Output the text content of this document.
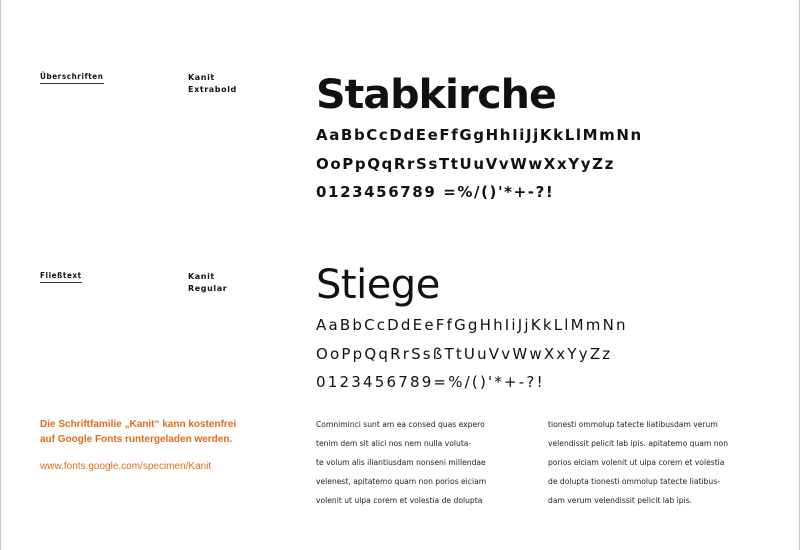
Überschriften	Kanit
Extrabold Stabkirche
AaBbCcDdEeFfGgHhIiJjKkLlMmNn
OoPpQqRrSsTtUuVvWwXxYyZz
0123456789 =%/()'*+-?!
Fließtext	Kanit
Regular Stiege
AaBbCcDdEeFfGgHhIiJjKkLlMmNn
OoPpQqRrSsßTtUuVvWwXxYyZz
0123456789=%/()'*+-?!
Die Schriftfamilie „Kanit“ kann kostenfrei
auf Google Fonts runtergeladen werden.
www.fonts.google.com/specimen/Kanit
Comniminci sunt am ea consed quas expero
tenim dem sit alici nos nem nulla voluta-
te volum alis iliantiusdam nonseni millendae
velenest, apitatemo quam non porios eiciam
volenit ut ulpa corem et volestia de dolupta
tionesti ommolup tatecte liatibusdam verum
velendissit pelicit lab ipis. apitatemo quam non
porios eiciam volenit ut ulpa corem et volestia
de dolupta tionesti ommolup tatecte liatibus-
dam verum velendissit pelicit lab ipis.
